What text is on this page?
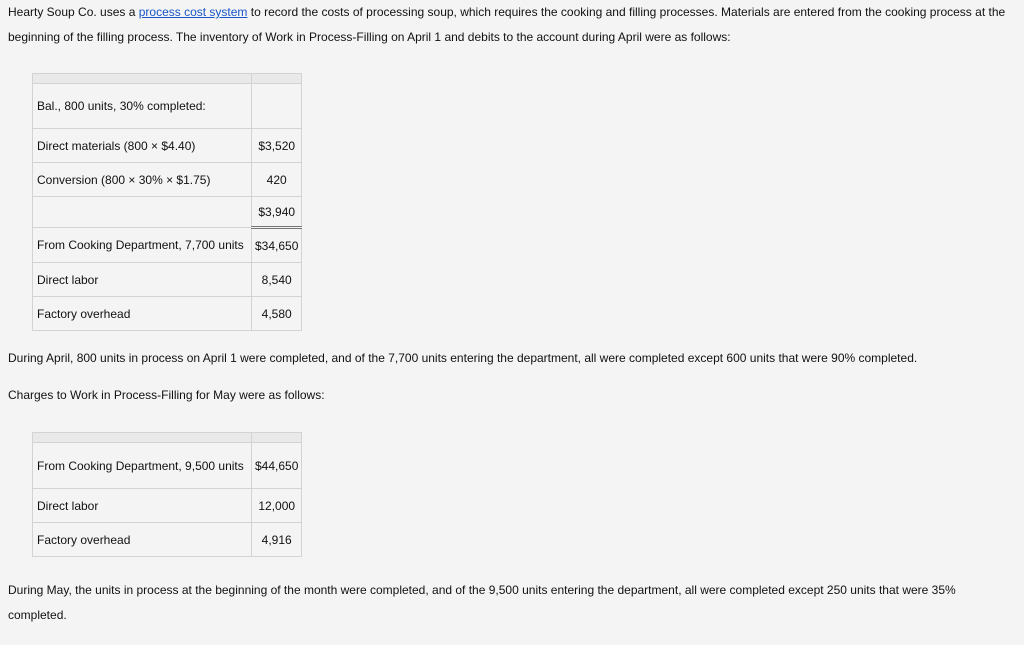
Hearty Soup Co. uses a process cost system to record the costs of processing soup, which requires the cooking and filling processes. Materials are entered from the cooking process at the beginning of the filling process. The inventory of Work in Process-Filling on April 1 and debits to the account during April were as follows:

Bal., 800 units, 30% completed:	
Direct materials (800 × $4.40)	$3,520
Conversion (800 × 30% × $1.75)	420
	$3,940
From Cooking Department, 7,700 units	$34,650
Direct labor	8,540
Factory overhead	4,580
During April, 800 units in process on April 1 were completed, and of the 7,700 units entering the department, all were completed except 600 units that were 90% completed.
Charges to Work in Process-Filling for May were as follows:

From Cooking Department, 9,500 units	$44,650
Direct labor	12,000
Factory overhead	4,916
During May, the units in process at the beginning of the month were completed, and of the 9,500 units entering the department, all were completed except 250 units that were 35% completed.
